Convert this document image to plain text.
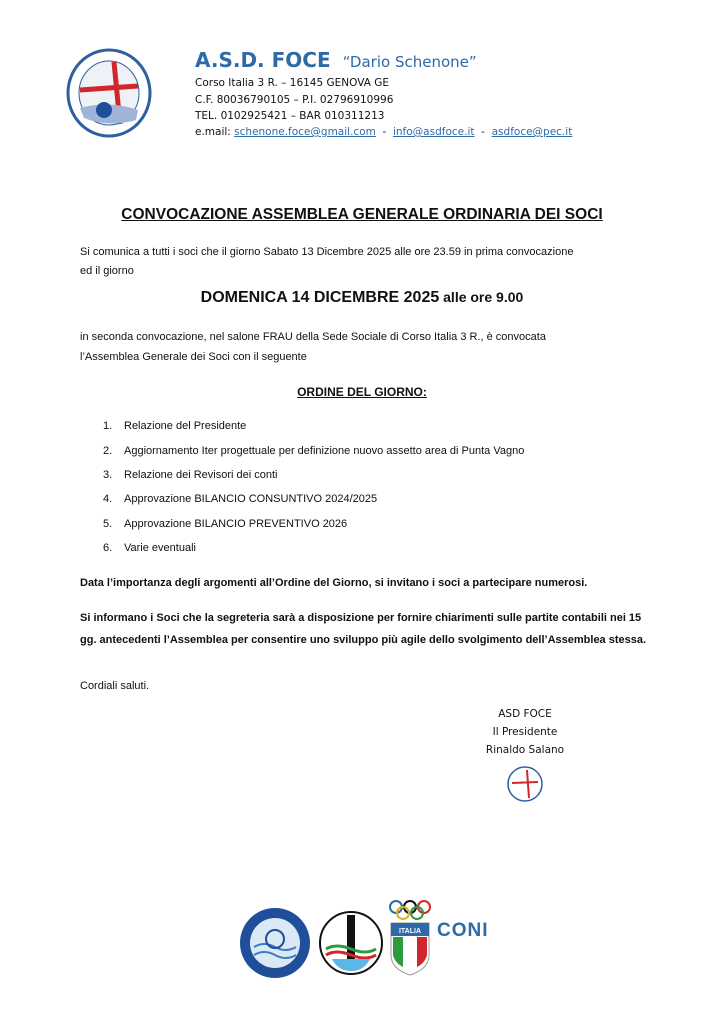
A.S.D. FOCE “Dario Schenone”
Corso Italia 3 R. – 16145 GENOVA GE
C.F. 80036790105 – P.I. 02796910996
TEL. 0102925421 – BAR 010311213
e.mail: schenone.foce@gmail.com  -  info@asdfoce.it  -  asdfoce@pec.it
CONVOCAZIONE ASSEMBLEA GENERALE ORDINARIA DEI SOCI
Si comunica a tutti i soci che il giorno Sabato 13 Dicembre 2025 alle ore 23.59 in prima convocazione
ed il giorno
DOMENICA 14 DICEMBRE 2025 alle ore 9.00
in seconda convocazione, nel salone FRAU della Sede Sociale di Corso Italia 3 R., è convocata
l’Assemblea Generale dei Soci con il seguente
ORDINE DEL GIORNO:
1. Relazione del Presidente
2. Aggiornamento Iter progettuale per definizione nuovo assetto area di Punta Vagno
3. Relazione dei Revisori dei conti
4. Approvazione BILANCIO CONSUNTIVO 2024/2025
5. Approvazione BILANCIO PREVENTIVO 2026
6. Varie eventuali
Data l’importanza degli argomenti all’Ordine del Giorno, si invitano i soci a partecipare numerosi.
Si informano i Soci che la segreteria sarà a disposizione per fornire chiarimenti sulle partite contabili nei 15
gg. antecedenti l’Assemblea per consentire uno sviluppo più agile dello svolgimento dell’Assemblea stessa.
Cordiali saluti.
ASD FOCE
Il Presidente
Rinaldo Salano
ITALIA CONI
